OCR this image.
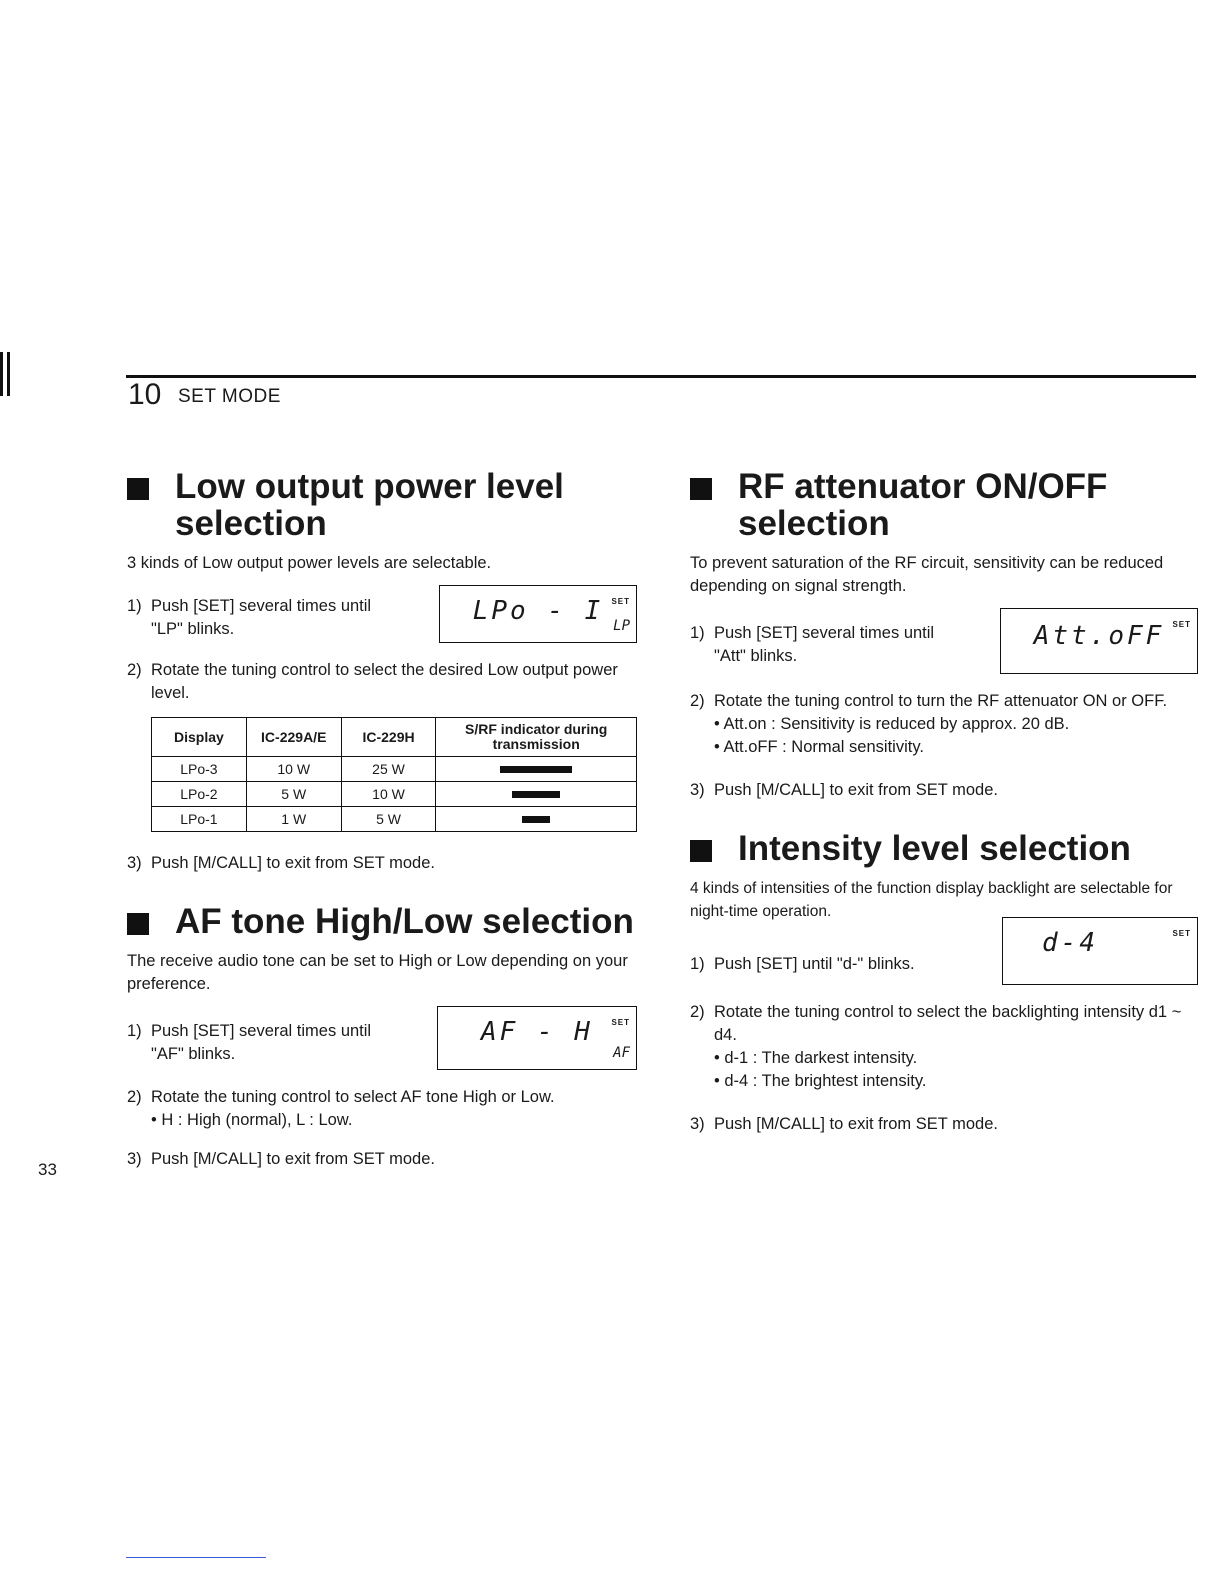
10 SET MODE
Low output power level
selection

3 kinds of Low output power levels are selectable.

1) Push [SET] several times until
"LP" blinks.
SET
LPo - I LP
2) Rotate the tuning control to select the desired Low output power level.
Display	IC-229A/E	IC-229H	S/RF indicator during transmission
LPo-3	10 W	25 W	
LPo-2	5 W	10 W	
LPo-1	1 W	5 W	
3) Push [M/CALL] to exit from SET mode.
AF tone High/Low selection

The receive audio tone can be set to High or Low depending on your preference.

1) Push [SET] several times until
"AF" blinks.
SET
AF - H
AF
2) Rotate the tuning control to select AF tone High or Low.
• H : High (normal), L : Low.
3) Push [M/CALL] to exit from SET mode.
RF attenuator ON/OFF
selection

To prevent saturation of the RF circuit, sensitivity can be reduced depending on signal strength.

1) Push [SET] several times until
"Att" blinks.
SET
Att.oFF
2) Rotate the tuning control to turn the RF attenuator ON or OFF.
• Att.on : Sensitivity is reduced by approx. 20 dB.
• Att.oFF : Normal sensitivity.
3) Push [M/CALL] to exit from SET mode.
Intensity level selection

4 kinds of intensities of the function display backlight are selectable for night-time operation.

1) Push [SET] until "d-" blinks.
SET
d-4
2) Rotate the tuning control to select the backlighting intensity d1 ~ d4.
• d-1 : The darkest intensity.
• d-4 : The brightest intensity.
3) Push [M/CALL] to exit from SET mode.
33
